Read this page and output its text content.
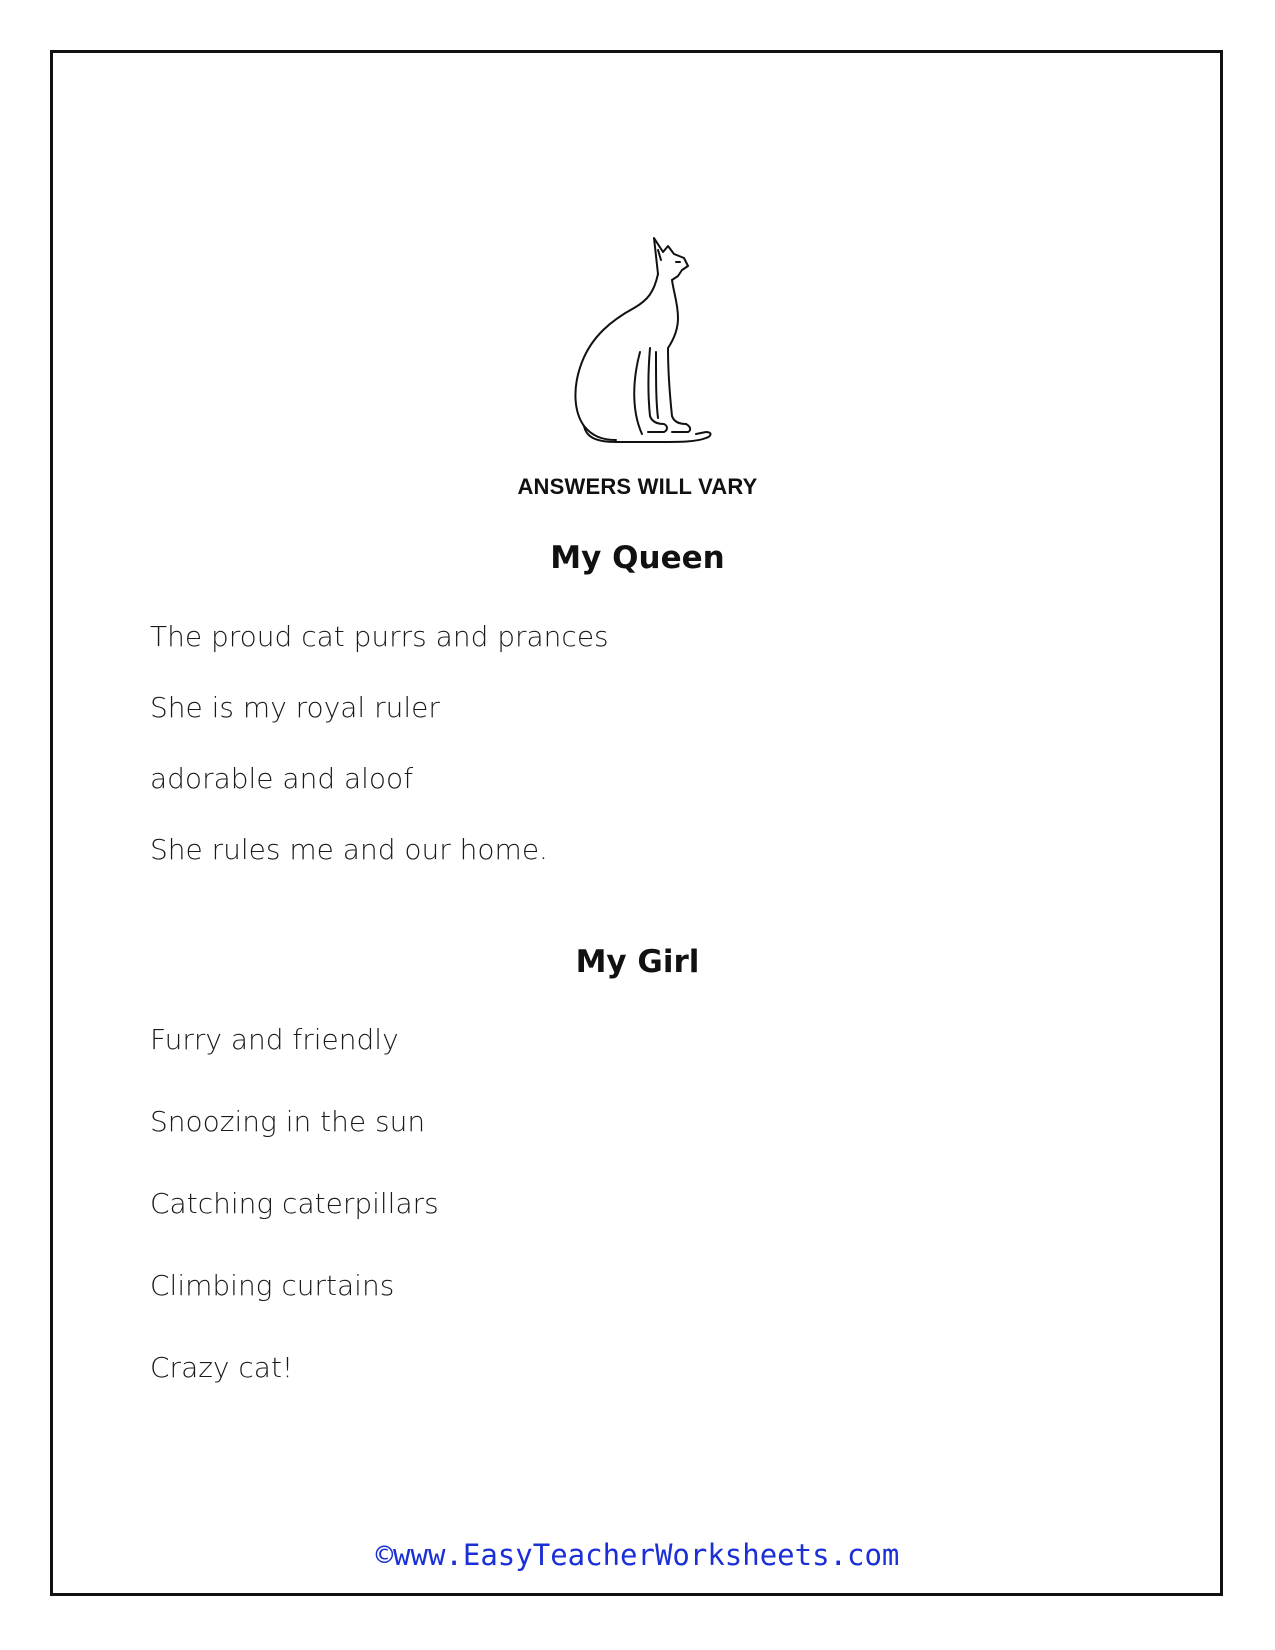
ANSWERS WILL VARY
My Queen
The proud cat purrs and prances
She is my royal ruler
adorable and aloof
She rules me and our home.
My Girl
Furry and friendly
Snoozing in the sun
Catching caterpillars
Climbing curtains
Crazy cat!
©www.EasyTeacherWorksheets.com
